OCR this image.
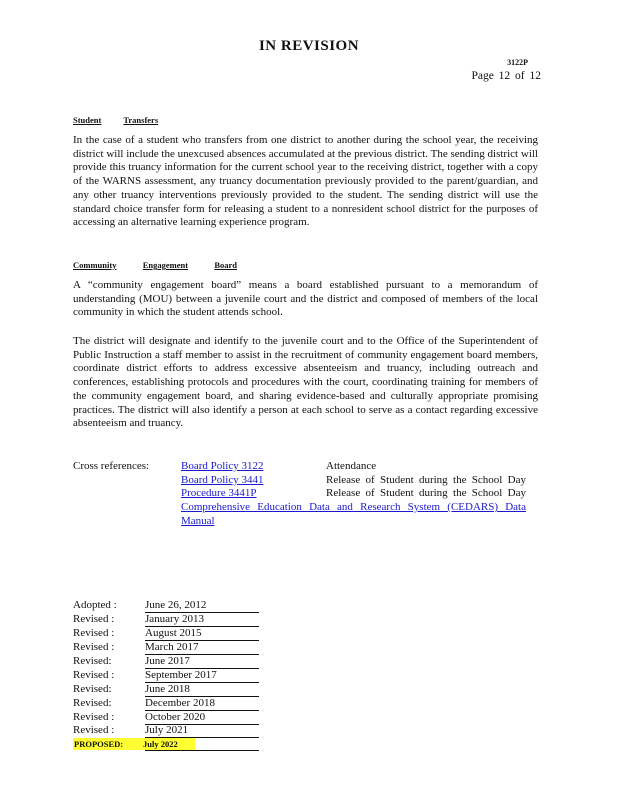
IN REVISION
3122P
Page 12 of 12
Student	Transfers
In the case of a student who transfers from one district to another during the school year, the receiving district will include the unexcused absences accumulated at the previous district. The sending district will provide this truancy information for the current school year to the receiving district, together with a copy of the WARNS assessment, any truancy documentation previously provided to the parent/guardian, and any other truancy interventions previously provided to the student. The sending district will use the standard choice transfer form for releasing a student to a nonresident school district for the purposes of accessing an alternative learning experience program.
Community	Engagement	Board
A “community engagement board” means a board established pursuant to a memorandum of understanding (MOU) between a juvenile court and the district and composed of members of the local community in which the student attends school.
The district will designate and identify to the juvenile court and to the Office of the Superintendent of Public Instruction a staff member to assist in the recruitment of community engagement board members, coordinate district efforts to address excessive absenteeism and truancy, including outreach and conferences, establishing protocols and procedures with the court, coordinating training for members of the community engagement board, and sharing evidence-based and culturally appropriate promising practices. The district will also identify a person at each school to serve as a contact regarding excessive absenteeism and truancy.
Cross references:	Board Policy 3122	Attendance
Board Policy 3441	Release of Student during the School Day
Procedure 3441P	Release of Student during the School Day
Comprehensive Education Data and Research System (CEDARS) Data Manual
Adopted :	June 26, 2012
Revised :	January 2013
Revised :	August 2015
Revised :	March 2017
Revised:	June 2017
Revised :	September 2017
Revised:	June 2018
Revised:	December 2018
Revised :	October 2020
Revised :	July 2021
PROPOSED: July 2022
